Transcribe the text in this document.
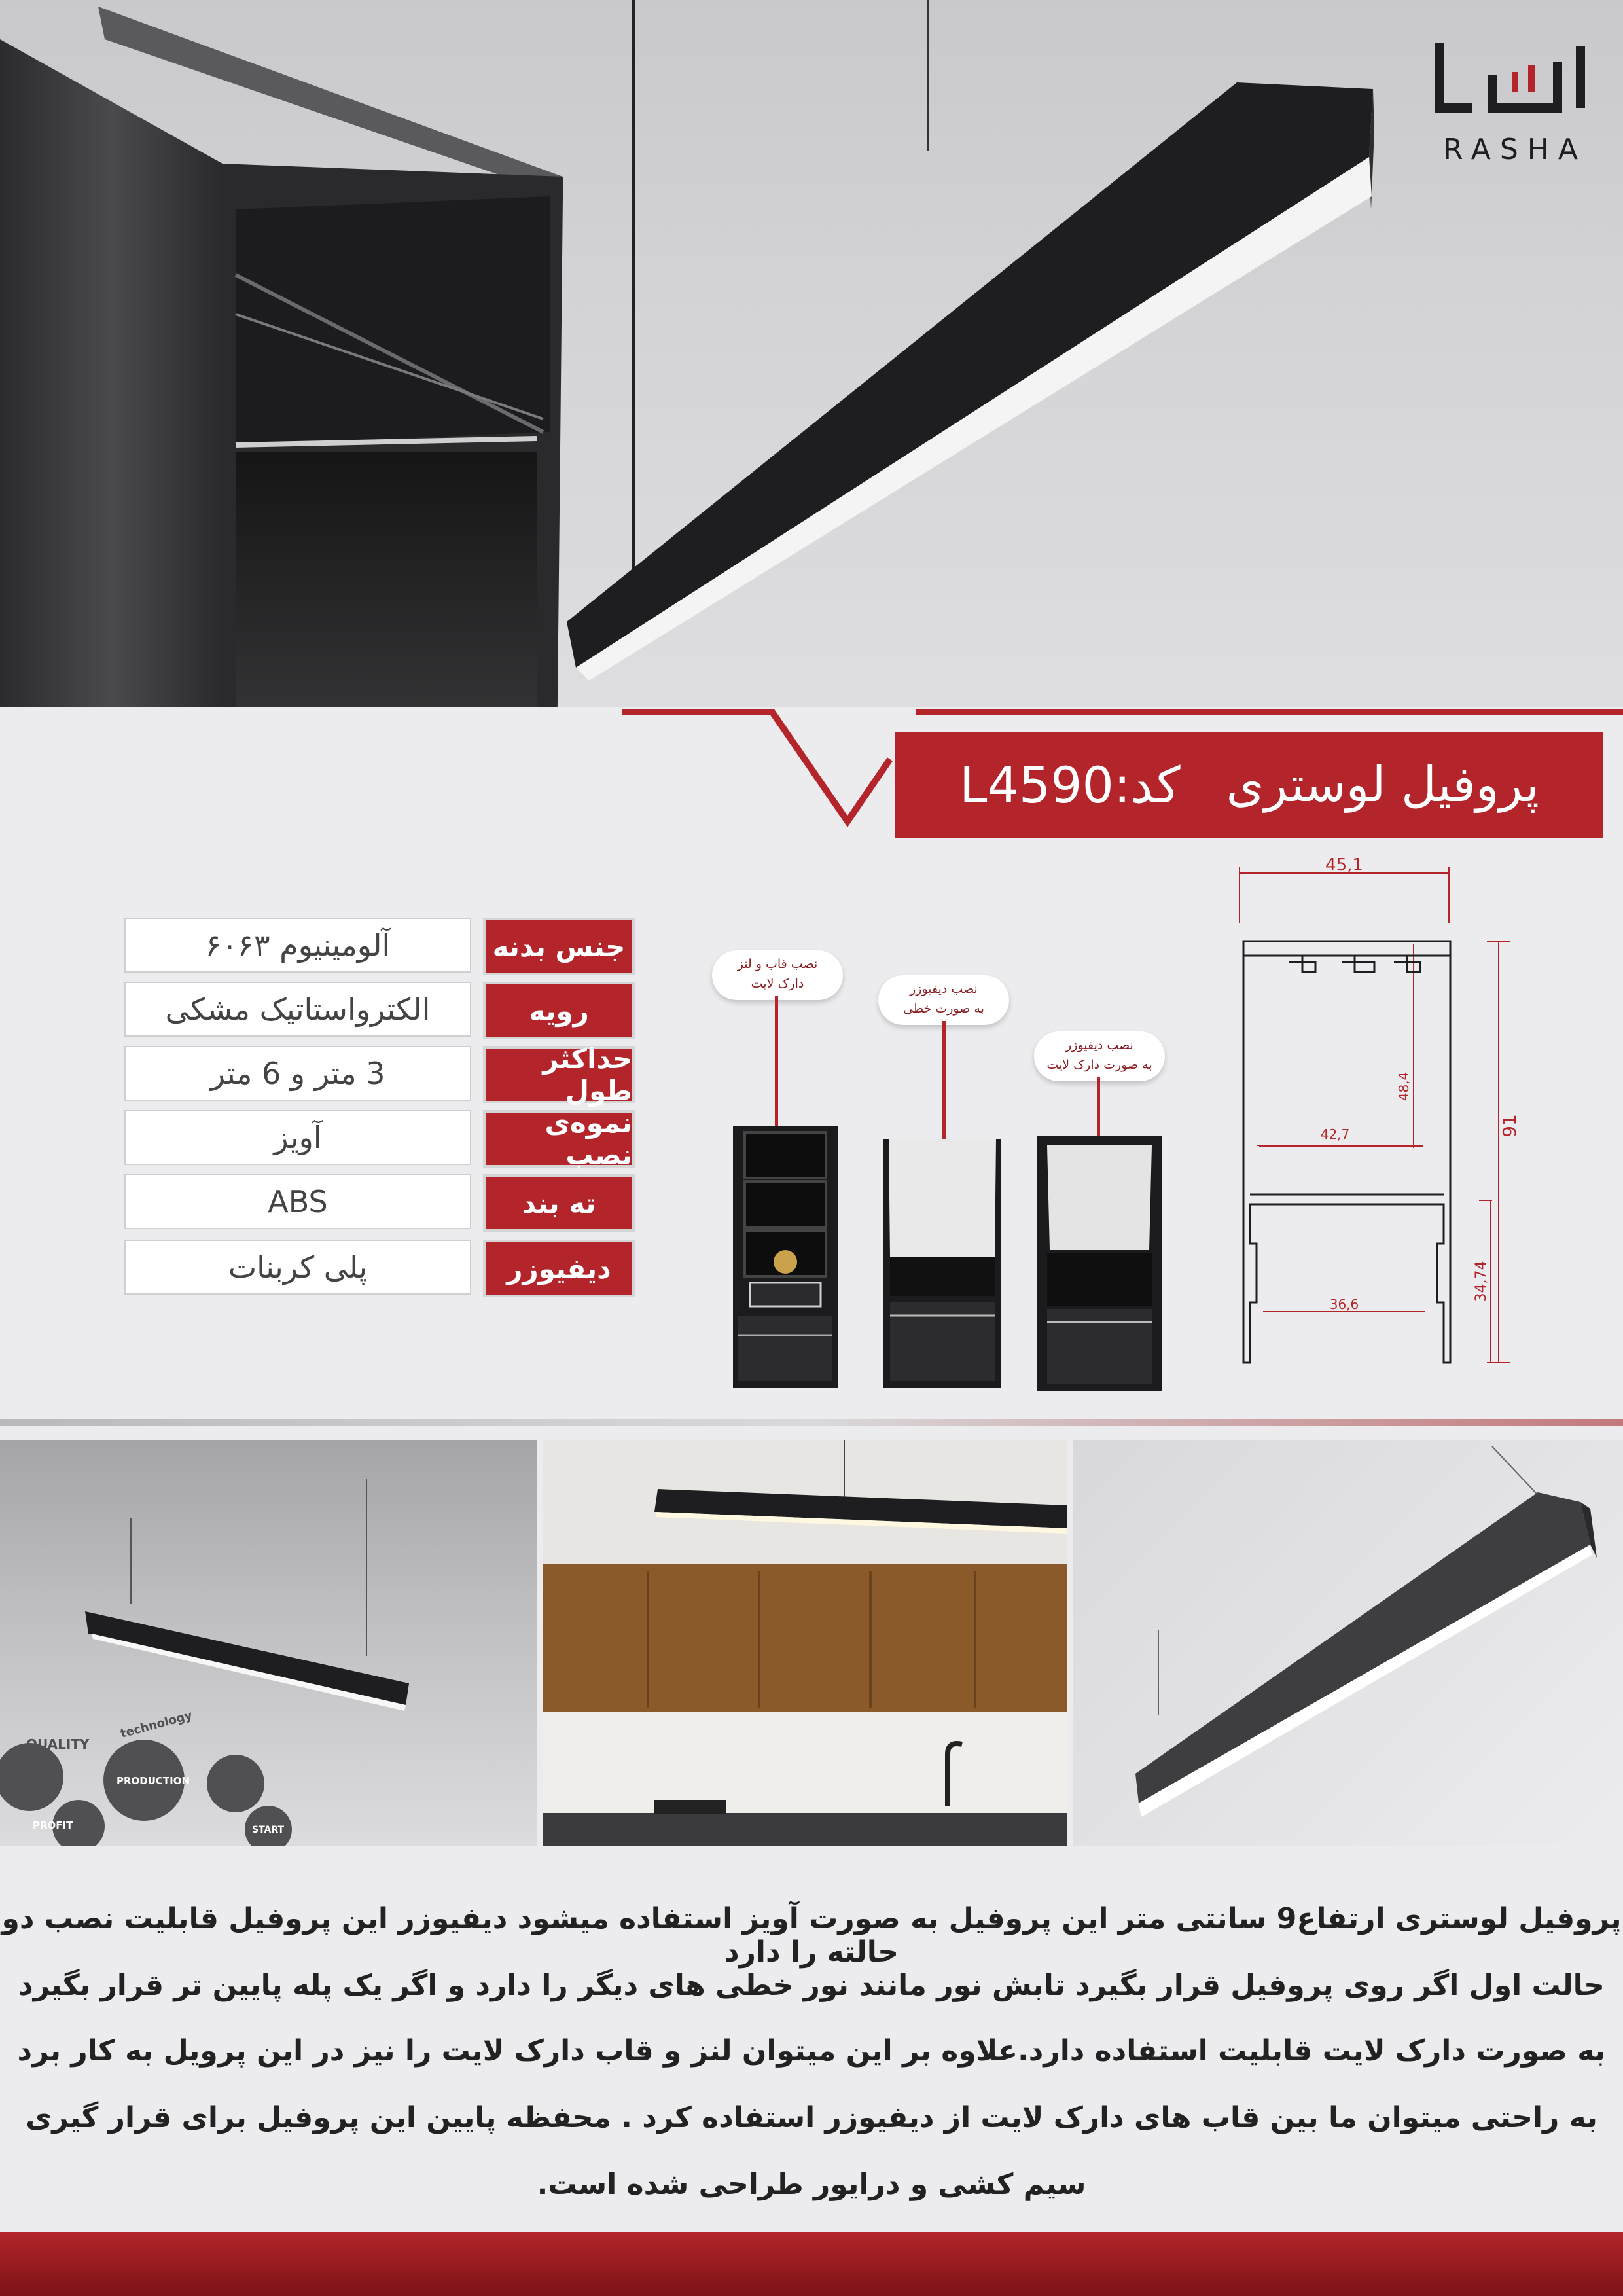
RASHA
پروفیل لوستری
کد:L4590
آلومینیوم ۶۰۶۳	جنس بدنه
الکترواستاتیک مشکی	رویه
3 متر و 6 متر	حداکثر طول
آویز	نموه‌ی نصب
ABS	ته بند
پلی کربنات	دیفیوزر
نصب قاب و لنز
دارک لایت	نصب دیفیوزر
به صورت خطی
نصب دیفیوزر
به صورت دارک لایت
45,1
42,7
48,4
91
34,74
36,6
QUALITY
technology
PRODUCTION
PROFIT	START
پروفیل لوستری ارتفاع9 سانتی متر این پروفیل به صورت آویز استفاده میشود دیفیوزر این پروفیل قابلیت نصب دو حالته را دارد
حالت اول اگر روی پروفیل قرار بگیرد تابش نور مانند نور خطی های دیگر را دارد و اگر یک پله پایین تر قرار بگیرد
به صورت دارک لایت قابلیت استفاده دارد.علاوه بر این میتوان لنز و قاب دارک لایت را نیز در این پرویل به کار برد
به راحتی میتوان ما بین قاب های دارک لایت از دیفیوزر استفاده کرد . محفظه پایین این پروفیل برای قرار گیری
سیم کشی و درایور طراحی شده است.
